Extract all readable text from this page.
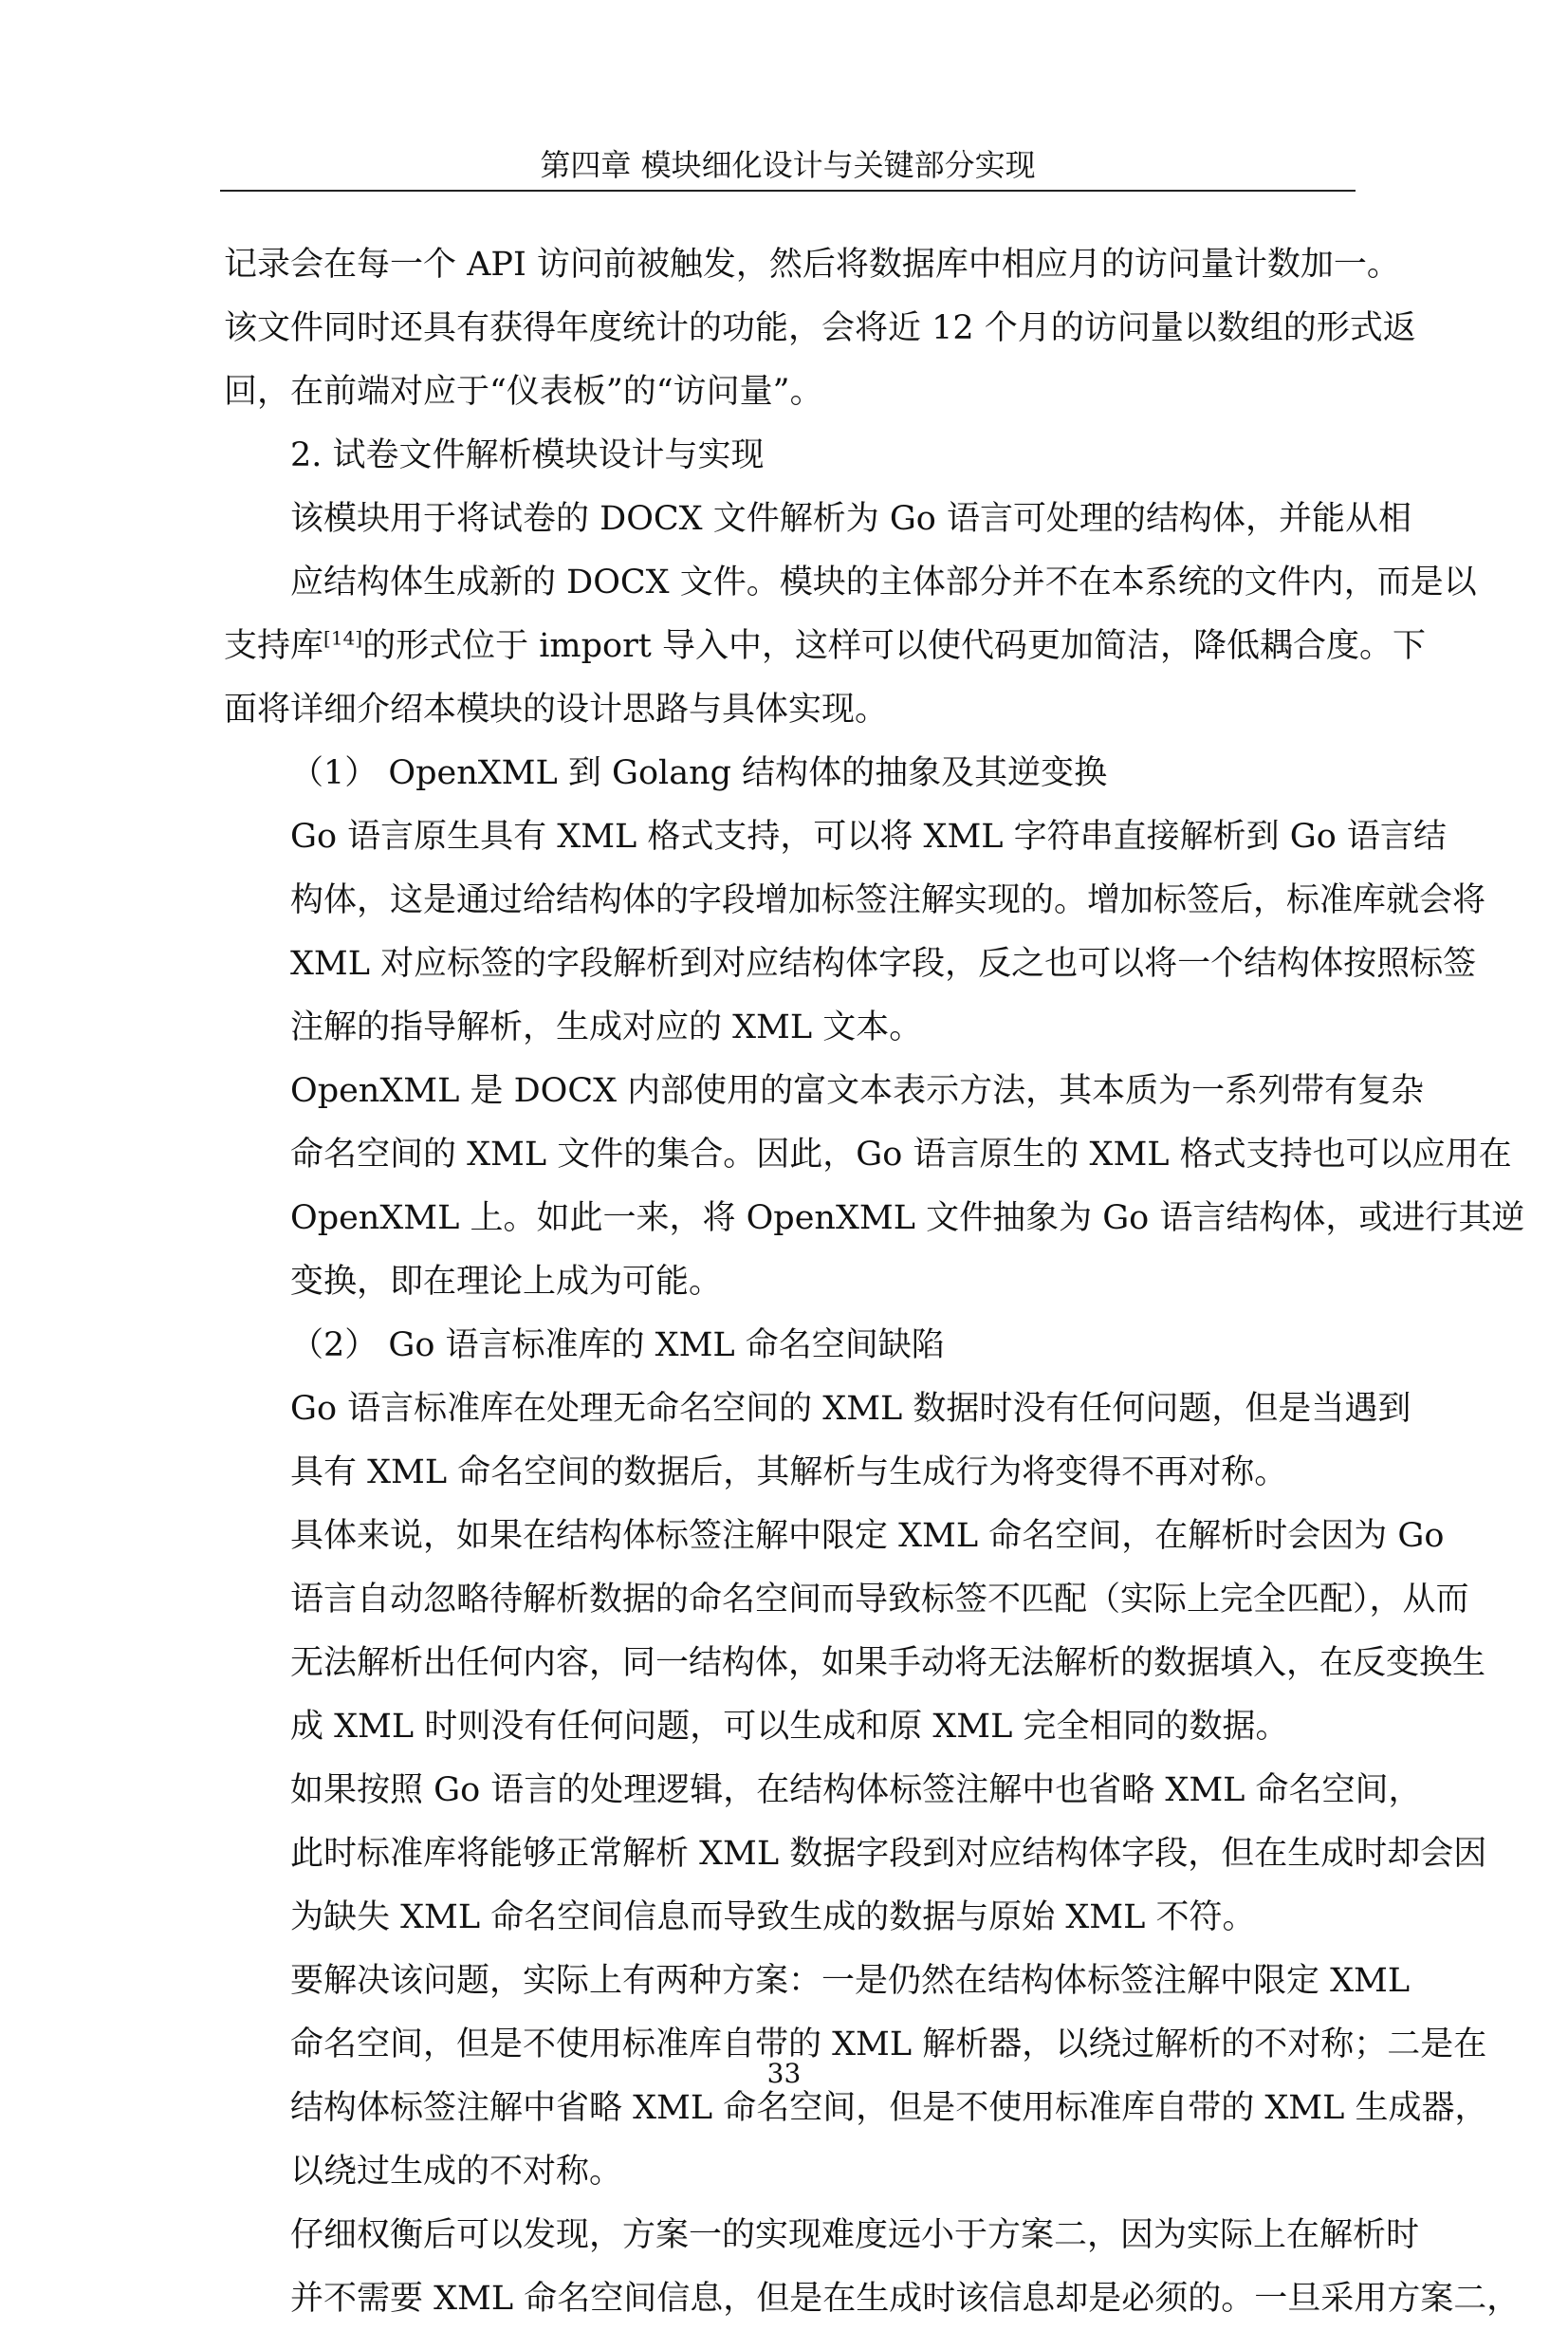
第四章 模块细化设计与关键部分实现

记录会在每一个 API 访问前被触发，然后将数据库中相应月的访问量计数加一。
该文件同时还具有获得年度统计的功能，会将近 12 个月的访问量以数组的形式返
回，在前端对应于“仪表板”的“访问量”。

2. 试卷文件解析模块设计与实现

该模块用于将试卷的 DOCX 文件解析为 Go 语言可处理的结构体，并能从相
应结构体生成新的 DOCX 文件。模块的主体部分并不在本系统的文件内，而是以

支持库[14]的形式位于 import 导入中，这样可以使代码更加简洁，降低耦合度。下
面将详细介绍本模块的设计思路与具体实现。

（1） OpenXML 到 Golang 结构体的抽象及其逆变换

Go 语言原生具有 XML 格式支持，可以将 XML 字符串直接解析到 Go 语言结
构体，这是通过给结构体的字段增加标签注解实现的。增加标签后，标准库就会将
XML 对应标签的字段解析到对应结构体字段，反之也可以将一个结构体按照标签
注解的指导解析，生成对应的 XML 文本。

OpenXML 是 DOCX 内部使用的富文本表示方法，其本质为一系列带有复杂
命名空间的 XML 文件的集合。因此，Go 语言原生的 XML 格式支持也可以应用在
OpenXML 上。如此一来，将 OpenXML 文件抽象为 Go 语言结构体，或进行其逆
变换，即在理论上成为可能。

（2） Go 语言标准库的 XML 命名空间缺陷

Go 语言标准库在处理无命名空间的 XML 数据时没有任何问题，但是当遇到
具有 XML 命名空间的数据后，其解析与生成行为将变得不再对称。

具体来说，如果在结构体标签注解中限定 XML 命名空间，在解析时会因为 Go
语言自动忽略待解析数据的命名空间而导致标签不匹配（实际上完全匹配），从而
无法解析出任何内容，同一结构体，如果手动将无法解析的数据填入，在反变换生
成 XML 时则没有任何问题，可以生成和原 XML 完全相同的数据。

如果按照 Go 语言的处理逻辑，在结构体标签注解中也省略 XML 命名空间，
此时标准库将能够正常解析 XML 数据字段到对应结构体字段，但在生成时却会因
为缺失 XML 命名空间信息而导致生成的数据与原始 XML 不符。

要解决该问题，实际上有两种方案：一是仍然在结构体标签注解中限定 XML
命名空间，但是不使用标准库自带的 XML 解析器，以绕过解析的不对称；二是在
结构体标签注解中省略 XML 命名空间，但是不使用标准库自带的 XML 生成器，
以绕过生成的不对称。

仔细权衡后可以发现，方案一的实现难度远小于方案二，因为实际上在解析时
并不需要 XML 命名空间信息，但是在生成时该信息却是必须的。一旦采用方案二，

33
